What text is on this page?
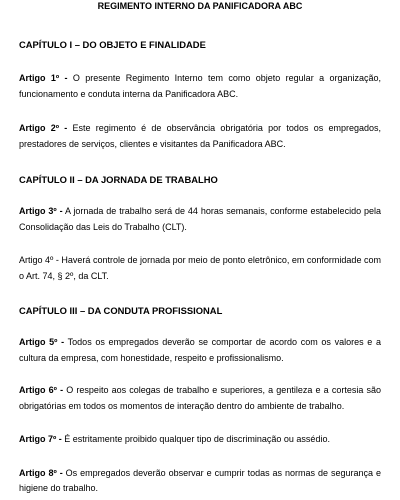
REGIMENTO INTERNO DA PANIFICADORA ABC
CAPÍTULO I – DO OBJETO E FINALIDADE

Artigo 1º - O presente Regimento Interno tem como objeto regular a organização, funcionamento e conduta interna da Panificadora ABC.

Artigo 2º - Este regimento é de observância obrigatória por todos os empregados, prestadores de serviços, clientes e visitantes da Panificadora ABC.

CAPÍTULO II – DA JORNADA DE TRABALHO

Artigo 3º - A jornada de trabalho será de 44 horas semanais, conforme estabelecido pela Consolidação das Leis do Trabalho (CLT).

Artigo 4º - Haverá controle de jornada por meio de ponto eletrônico, em conformidade com o Art. 74, § 2º, da CLT.

CAPÍTULO III – DA CONDUTA PROFISSIONAL

Artigo 5º - Todos os empregados deverão se comportar de acordo com os valores e a cultura da empresa, com honestidade, respeito e profissionalismo.

Artigo 6º - O respeito aos colegas de trabalho e superiores, a gentileza e a cortesia são obrigatórias em todos os momentos de interação dentro do ambiente de trabalho.

Artigo 7º - É estritamente proibido qualquer tipo de discriminação ou assédio.

Artigo 8º - Os empregados deverão observar e cumprir todas as normas de segurança e higiene do trabalho.
